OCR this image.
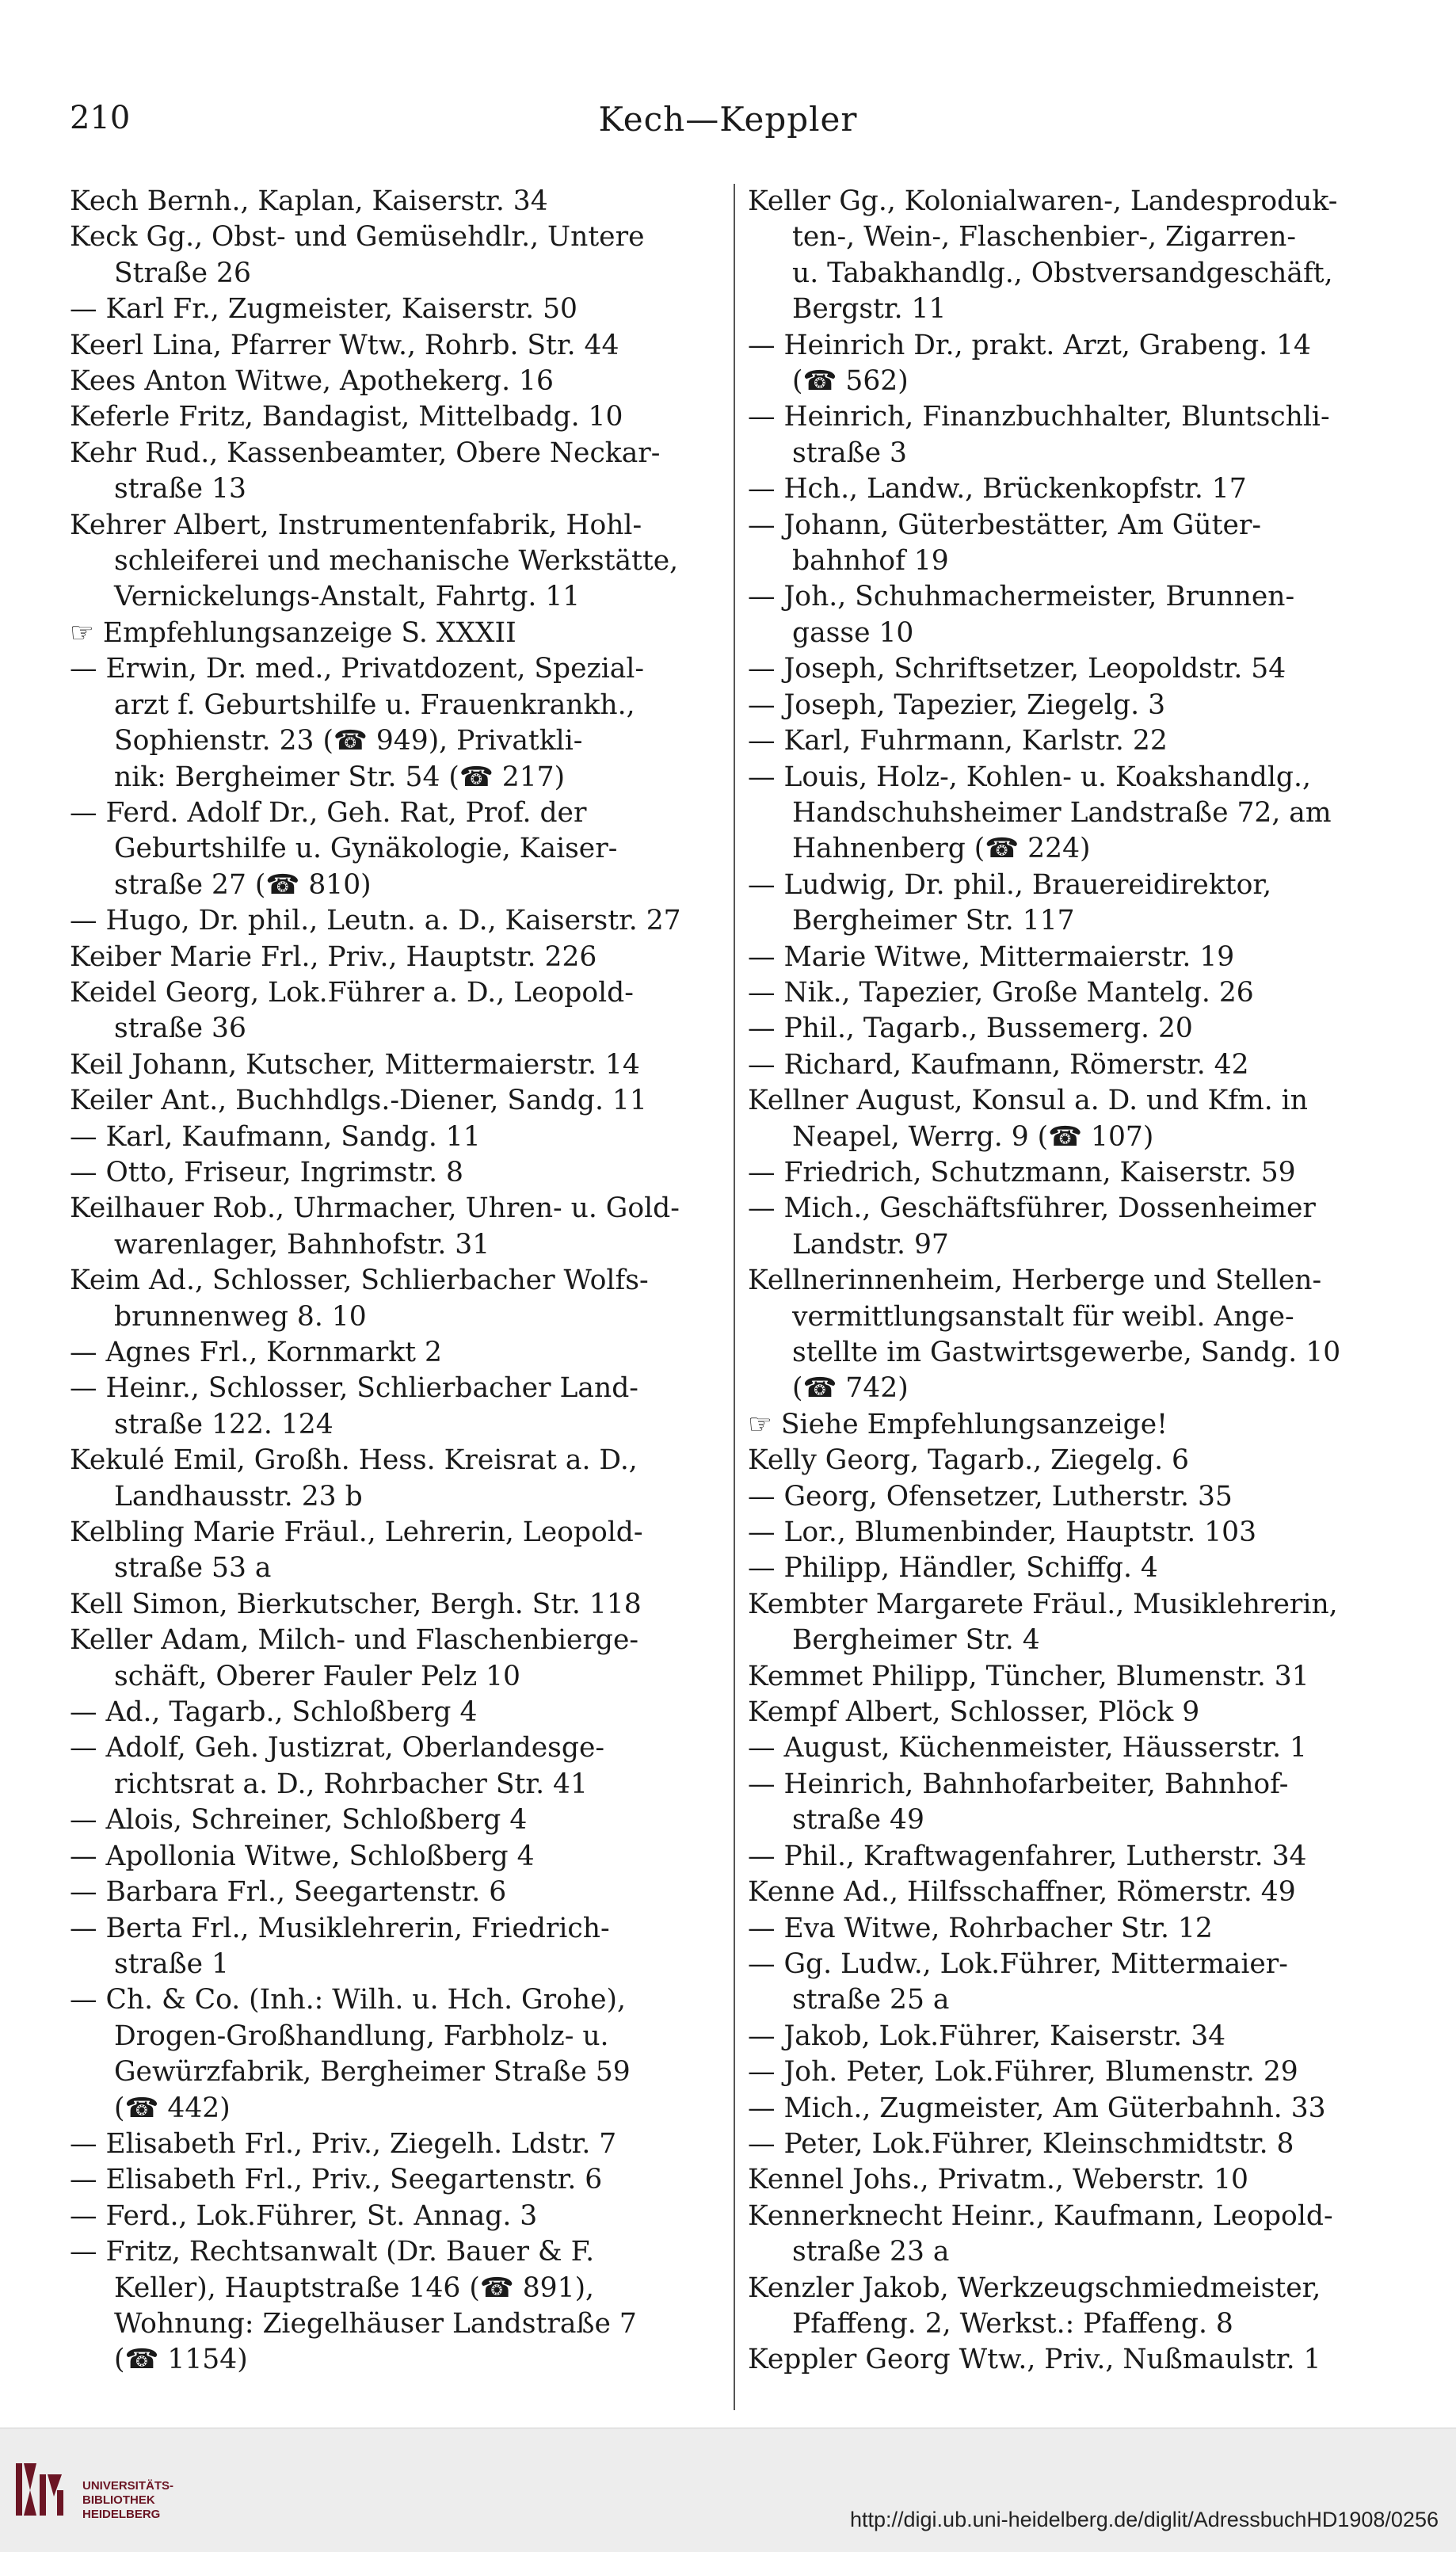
210	Kech—Keppler
Kech Bernh., Kaplan, Kaiserstr. 34
Keck Gg., Obst- und Gemüsehdlr., Untere
Straße 26
— Karl Fr., Zugmeister, Kaiserstr. 50
Keerl Lina, Pfarrer Wtw., Rohrb. Str. 44
Kees Anton Witwe, Apothekerg. 16
Keferle Fritz, Bandagist, Mittelbadg. 10
Kehr Rud., Kassenbeamter, Obere Neckar-
straße 13
Kehrer Albert, Instrumentenfabrik, Hohl-
schleiferei und mechanische Werkstätte,
Vernickelungs-Anstalt, Fahrtg. 11
☞ Empfehlungsanzeige S. XXXII
— Erwin, Dr. med., Privatdozent, Spezial-
arzt f. Geburtshilfe u. Frauenkrankh.,
Sophienstr. 23 (☎ 949), Privatkli-
nik: Bergheimer Str. 54 (☎ 217)
— Ferd. Adolf Dr., Geh. Rat, Prof. der
Geburtshilfe u. Gynäkologie, Kaiser-
straße 27 (☎ 810)
— Hugo, Dr. phil., Leutn. a. D., Kaiserstr. 27
Keiber Marie Frl., Priv., Hauptstr. 226
Keidel Georg, Lok.Führer a. D., Leopold-
straße 36
Keil Johann, Kutscher, Mittermaierstr. 14
Keiler Ant., Buchhdlgs.-Diener, Sandg. 11
— Karl, Kaufmann, Sandg. 11
— Otto, Friseur, Ingrimstr. 8
Keilhauer Rob., Uhrmacher, Uhren- u. Gold-
warenlager, Bahnhofstr. 31
Keim Ad., Schlosser, Schlierbacher Wolfs-
brunnenweg 8. 10
— Agnes Frl., Kornmarkt 2
— Heinr., Schlosser, Schlierbacher Land-
straße 122. 124
Kekulé Emil, Großh. Hess. Kreisrat a. D.,
Landhausstr. 23 b
Kelbling Marie Fräul., Lehrerin, Leopold-
straße 53 a
Kell Simon, Bierkutscher, Bergh. Str. 118
Keller Adam, Milch- und Flaschenbierge-
schäft, Oberer Fauler Pelz 10
— Ad., Tagarb., Schloßberg 4
— Adolf, Geh. Justizrat, Oberlandesge-
richtsrat a. D., Rohrbacher Str. 41
— Alois, Schreiner, Schloßberg 4
— Apollonia Witwe, Schloßberg 4
— Barbara Frl., Seegartenstr. 6
— Berta Frl., Musiklehrerin, Friedrich-
straße 1
— Ch. & Co. (Inh.: Wilh. u. Hch. Grohe),
Drogen-Großhandlung, Farbholz- u.
Gewürzfabrik, Bergheimer Straße 59
(☎ 442)
— Elisabeth Frl., Priv., Ziegelh. Ldstr. 7
— Elisabeth Frl., Priv., Seegartenstr. 6
— Ferd., Lok.Führer, St. Annag. 3
— Fritz, Rechtsanwalt (Dr. Bauer & F.
Keller), Hauptstraße 146 (☎ 891),
Wohnung: Ziegelhäuser Landstraße 7
(☎ 1154)
Keller Gg., Kolonialwaren-, Landesproduk-
ten-, Wein-, Flaschenbier-, Zigarren-
u. Tabakhandlg., Obstversandgeschäft,
Bergstr. 11
— Heinrich Dr., prakt. Arzt, Grabeng. 14
(☎ 562)
— Heinrich, Finanzbuchhalter, Bluntschli-
straße 3
— Hch., Landw., Brückenkopfstr. 17
— Johann, Güterbestätter, Am Güter-
bahnhof 19
— Joh., Schuhmachermeister, Brunnen-
gasse 10
— Joseph, Schriftsetzer, Leopoldstr. 54
— Joseph, Tapezier, Ziegelg. 3
— Karl, Fuhrmann, Karlstr. 22
— Louis, Holz-, Kohlen- u. Koakshandlg.,
Handschuhsheimer Landstraße 72, am
Hahnenberg (☎ 224)
— Ludwig, Dr. phil., Brauereidirektor,
Bergheimer Str. 117
— Marie Witwe, Mittermaierstr. 19
— Nik., Tapezier, Große Mantelg. 26
— Phil., Tagarb., Bussemerg. 20
— Richard, Kaufmann, Römerstr. 42
Kellner August, Konsul a. D. und Kfm. in
Neapel, Werrg. 9 (☎ 107)
— Friedrich, Schutzmann, Kaiserstr. 59
— Mich., Geschäftsführer, Dossenheimer
Landstr. 97
Kellnerinnenheim, Herberge und Stellen-
vermittlungsanstalt für weibl. Ange-
stellte im Gastwirtsgewerbe, Sandg. 10
(☎ 742)
☞ Siehe Empfehlungsanzeige!
Kelly Georg, Tagarb., Ziegelg. 6
— Georg, Ofensetzer, Lutherstr. 35
— Lor., Blumenbinder, Hauptstr. 103
— Philipp, Händler, Schiffg. 4
Kembter Margarete Fräul., Musiklehrerin,
Bergheimer Str. 4
Kemmet Philipp, Tüncher, Blumenstr. 31
Kempf Albert, Schlosser, Plöck 9
— August, Küchenmeister, Häusserstr. 1
— Heinrich, Bahnhofarbeiter, Bahnhof-
straße 49
— Phil., Kraftwagenfahrer, Lutherstr. 34
Kenne Ad., Hilfsschaffner, Römerstr. 49
— Eva Witwe, Rohrbacher Str. 12
— Gg. Ludw., Lok.Führer, Mittermaier-
straße 25 a
— Jakob, Lok.Führer, Kaiserstr. 34
— Joh. Peter, Lok.Führer, Blumenstr. 29
— Mich., Zugmeister, Am Güterbahnh. 33
— Peter, Lok.Führer, Kleinschmidtstr. 8
Kennel Johs., Privatm., Weberstr. 10
Kennerknecht Heinr., Kaufmann, Leopold-
straße 23 a
Kenzler Jakob, Werkzeugschmiedmeister,
Pfaffeng. 2, Werkst.: Pfaffeng. 8
Keppler Georg Wtw., Priv., Nußmaulstr. 1
UNIVERSITÄTS-
BIBLIOTHEK
HEIDELBERG	http://digi.ub.uni-heidelberg.de/diglit/AdressbuchHD1908/0256
